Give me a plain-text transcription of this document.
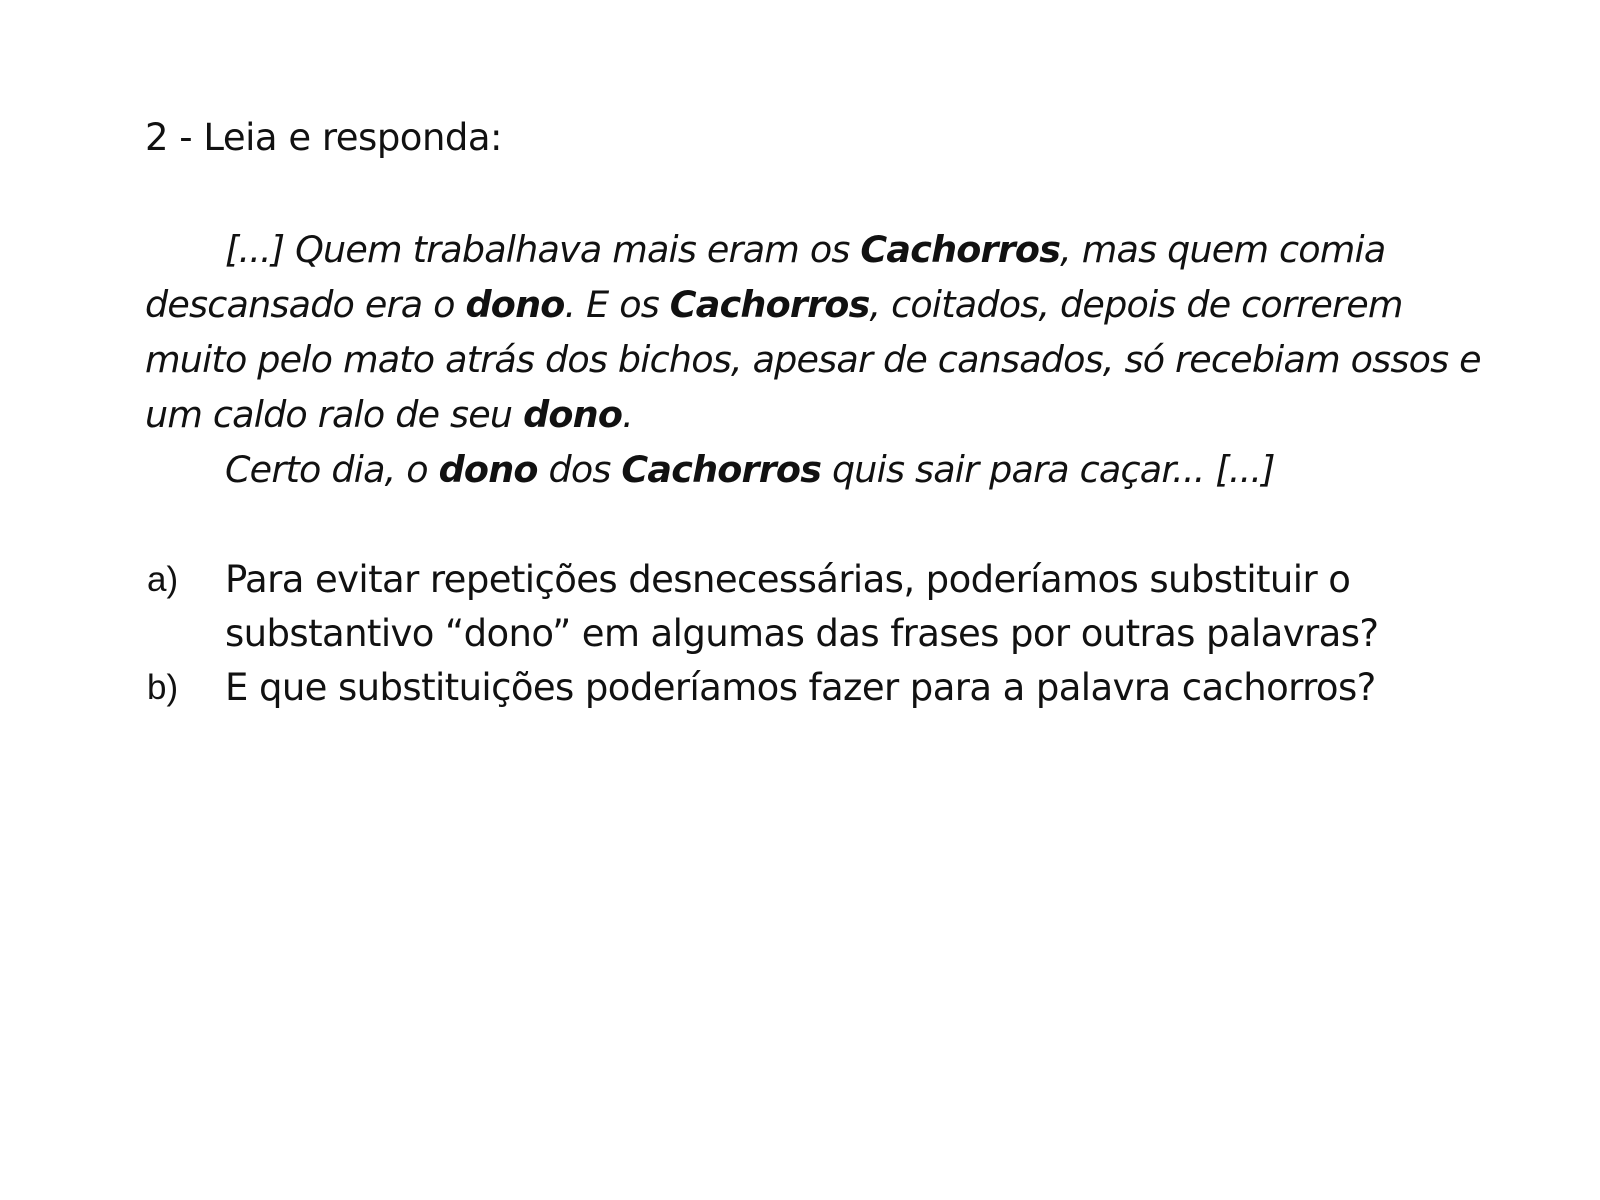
2 - Leia e responda:

[...] Quem trabalhava mais eram os Cachorros, mas quem comia descansado era o dono. E os Cachorros, coitados, depois de correrem muito pelo mato atrás dos bichos, apesar de cansados, só recebiam ossos e um caldo ralo de seu dono.

Certo dia, o dono dos Cachorros quis sair para caçar... [...]

a) Para evitar repetições desnecessárias, poderíamos substituir o substantivo “dono” em algumas das frases por outras palavras?
b) E que substituições poderíamos fazer para a palavra cachorros?
